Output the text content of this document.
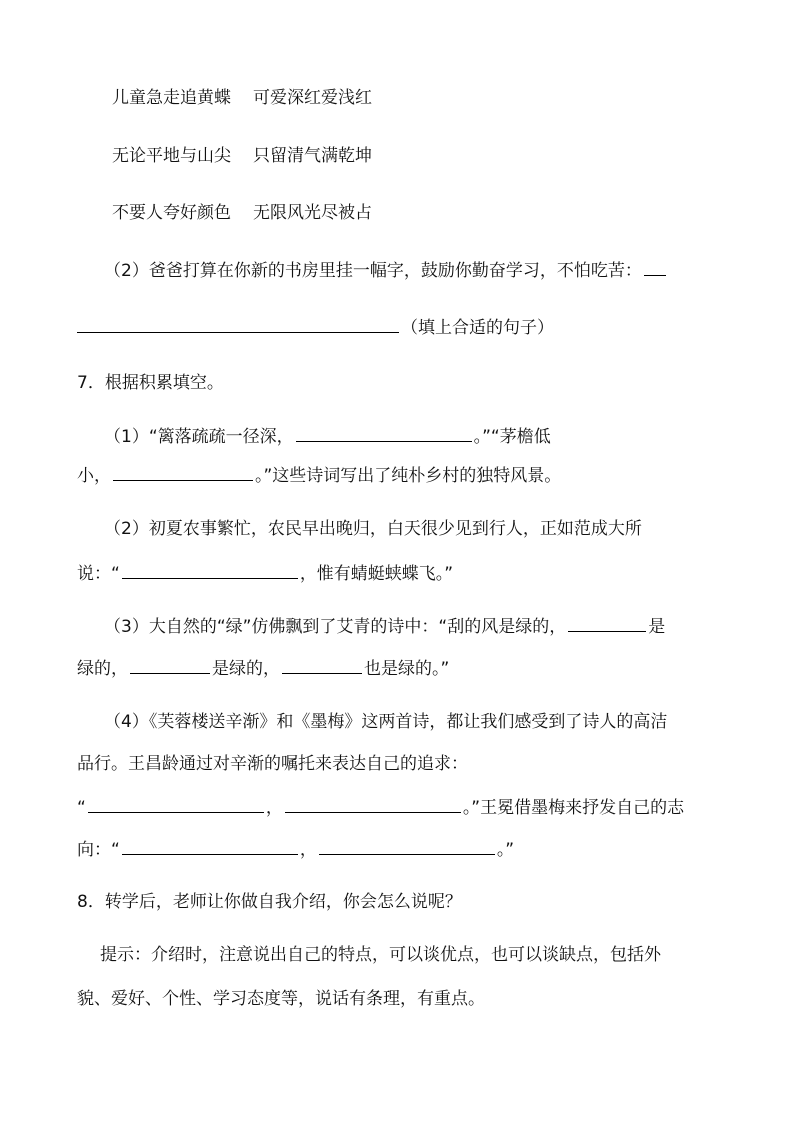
儿童急走追黄蝶 可爱深红爱浅红
无论平地与山尖 只留清气满乾坤
不要人夸好颜色 无限风光尽被占
（2）爸爸打算在你新的书房里挂一幅字，鼓励你勤奋学习，不怕吃苦：
（填上合适的句子）
7．根据积累填空。
（1）“篱落疏疏一径深，	。”“茅檐低
小，	。”这些诗词写出了纯朴乡村的独特风景。
（2）初夏农事繁忙，农民早出晚归，白天很少见到行人，正如范成大所
说：“	，惟有蜻蜓蛱蝶飞。”
（3）大自然的“绿”仿佛飘到了艾青的诗中：“刮的风是绿的，	是
绿的，	是绿的，	也是绿的。”
（4）《芙蓉楼送辛渐》和《墨梅》这两首诗，都让我们感受到了诗人的高洁
品行。王昌龄通过对辛渐的嘱托来表达自己的追求：
“	，	。”王冕借墨梅来抒发自己的志
向：“	，	。”
8．转学后，老师让你做自我介绍，你会怎么说呢？
提示：介绍时，注意说出自己的特点，可以谈优点，也可以谈缺点，包括外
貌、爱好、个性、学习态度等，说话有条理，有重点。
